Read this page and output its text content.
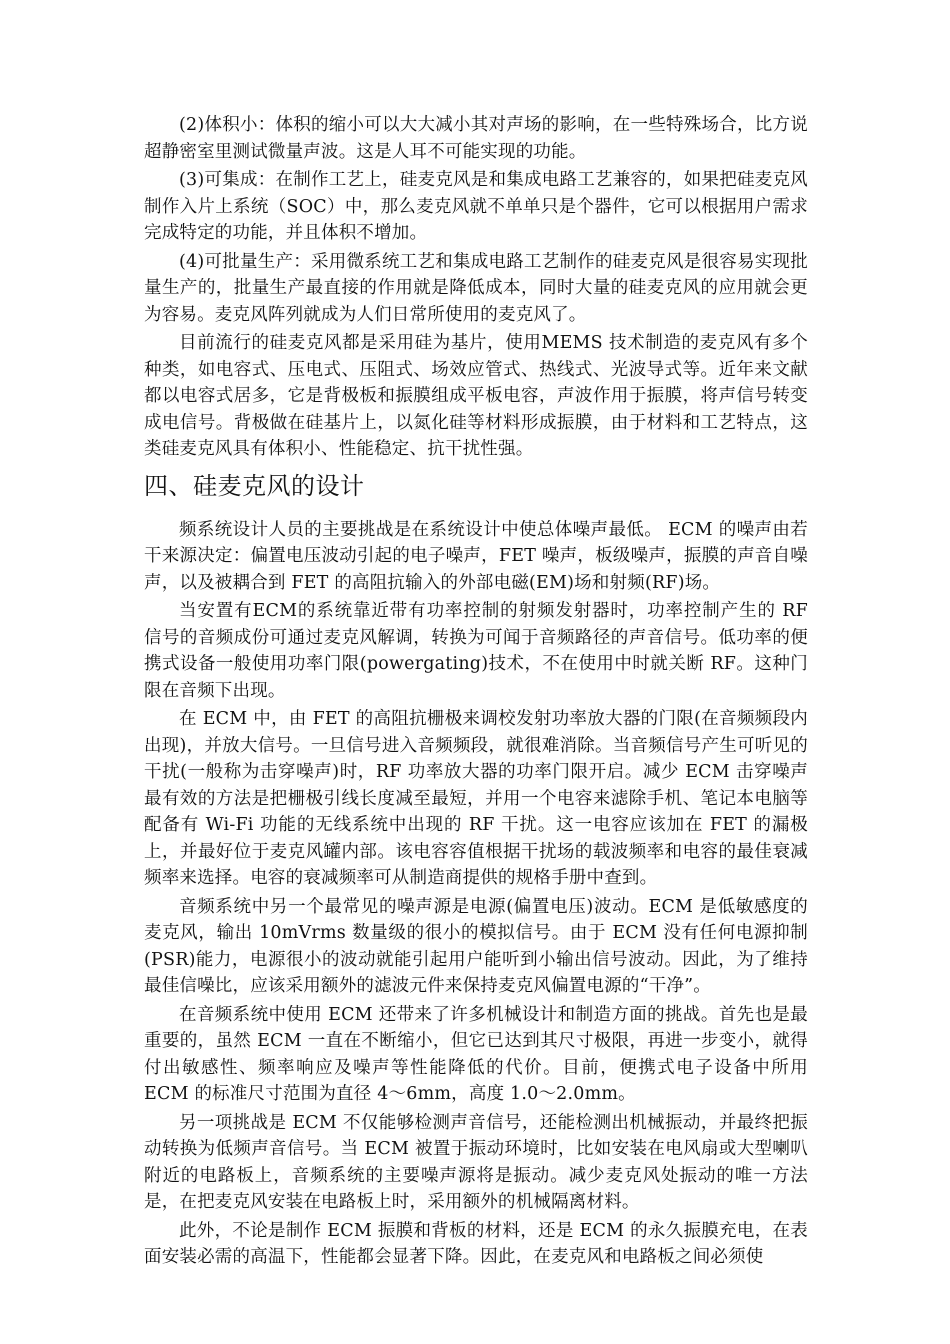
(2)体积小：体积的缩小可以大大减小其对声场的影响，在一些特殊场合，比方说超静密室里测试微量声波。这是人耳不可能实现的功能。

(3)可集成：在制作工艺上，硅麦克风是和集成电路工艺兼容的，如果把硅麦克风制作入片上系统（SOC）中，那么麦克风就不单单只是个器件，它可以根据用户需求完成特定的功能，并且体积不增加。

(4)可批量生产：采用微系统工艺和集成电路工艺制作的硅麦克风是很容易实现批量生产的，批量生产最直接的作用就是降低成本，同时大量的硅麦克风的应用就会更为容易。麦克风阵列就成为人们日常所使用的麦克风了。

目前流行的硅麦克风都是采用硅为基片，使用MEMS 技术制造的麦克风有多个种类，如电容式、压电式、压阻式、场效应管式、热线式、光波导式等。近年来文献都以电容式居多，它是背极板和振膜组成平板电容，声波作用于振膜，将声信号转变成电信号。背极做在硅基片上，以氮化硅等材料形成振膜，由于材料和工艺特点，这类硅麦克风具有体积小、性能稳定、抗干扰性强。

四、硅麦克风的设计

频系统设计人员的主要挑战是在系统设计中使总体噪声最低。 ECM 的噪声由若干来源决定：偏置电压波动引起的电子噪声，FET 噪声，板级噪声，振膜的声音自噪声，以及被耦合到 FET 的高阻抗输入的外部电磁(EM)场和射频(RF)场。

当安置有ECM的系统靠近带有功率控制的射频发射器时，功率控制产生的 RF 信号的音频成份可通过麦克风解调，转换为可闻于音频路径的声音信号。低功率的便携式设备一般使用功率门限(powergating)技术，不在使用中时就关断 RF。这种门限在音频下出现。

在 ECM 中，由 FET 的高阻抗栅极来调校发射功率放大器的门限(在音频频段内出现)，并放大信号。一旦信号进入音频频段，就很难消除。当音频信号产生可听见的干扰(一般称为击穿噪声)时，RF 功率放大器的功率门限开启。减少 ECM 击穿噪声最有效的方法是把栅极引线长度减至最短，并用一个电容来滤除手机、笔记本电脑等配备有 Wi-Fi 功能的无线系统中出现的 RF 干扰。这一电容应该加在 FET 的漏极上，并最好位于麦克风罐内部。该电容容值根据干扰场的载波频率和电容的最佳衰减频率来选择。电容的衰减频率可从制造商提供的规格手册中查到。

音频系统中另一个最常见的噪声源是电源(偏置电压)波动。ECM 是低敏感度的麦克风，输出 10mVrms 数量级的很小的模拟信号。由于 ECM 没有任何电源抑制(PSR)能力，电源很小的波动就能引起用户能听到小输出信号波动。因此，为了维持最佳信噪比，应该采用额外的滤波元件来保持麦克风偏置电源的“干净”。

在音频系统中使用 ECM 还带来了许多机械设计和制造方面的挑战。首先也是最重要的，虽然 ECM 一直在不断缩小，但它已达到其尺寸极限，再进一步变小，就得付出敏感性、频率响应及噪声等性能降低的代价。目前，便携式电子设备中所用 ECM 的标准尺寸范围为直径 4～6mm，高度 1.0～2.0mm。

另一项挑战是 ECM 不仅能够检测声音信号，还能检测出机械振动，并最终把振动转换为低频声音信号。当 ECM 被置于振动环境时，比如安装在电风扇或大型喇叭附近的电路板上，音频系统的主要噪声源将是振动。减少麦克风处振动的唯一方法是，在把麦克风安装在电路板上时，采用额外的机械隔离材料。

此外，不论是制作 ECM 振膜和背板的材料，还是 ECM 的永久振膜充电，在表面安装必需的高温下，性能都会显著下降。因此，在麦克风和电路板之间必须使
